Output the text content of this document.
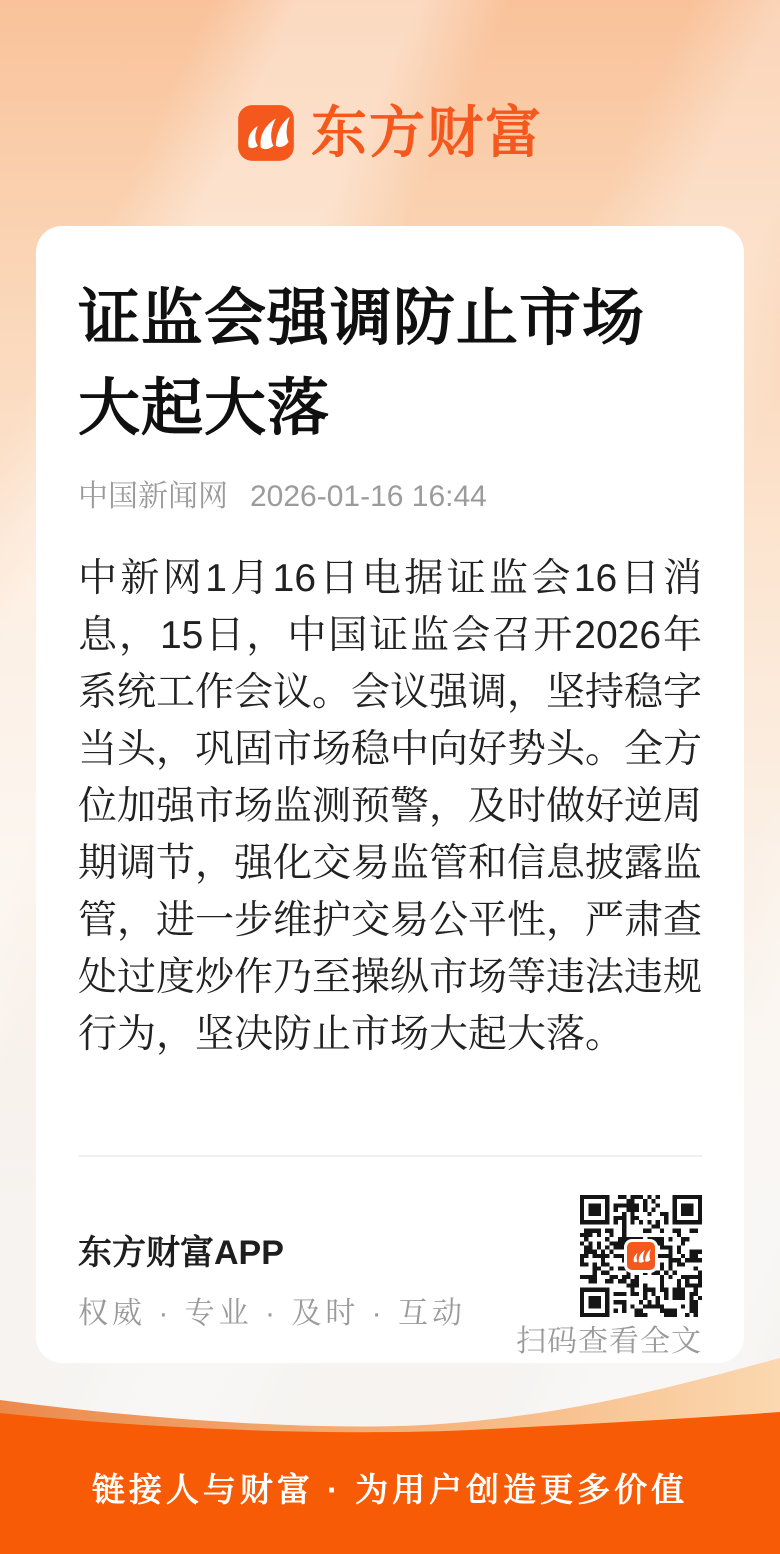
东方财富
证监会强调防止市场大起大落
中国新闻网 2026-01-16 16:44

中新网1月16日电据证监会16日消息，15日，中国证监会召开2026年系统工作会议。会议强调，坚持稳字当头，巩固市场稳中向好势头。全方位加强市场监测预警，及时做好逆周期调节，强化交易监管和信息披露监管，进一步维护交易公平性，严肃查处过度炒作乃至操纵市场等违法违规行为，坚决防止市场大起大落。

东方财富APP
权威 · 专业 · 及时 · 互动
扫码查看全文
链接人与财富 · 为用户创造更多价值
